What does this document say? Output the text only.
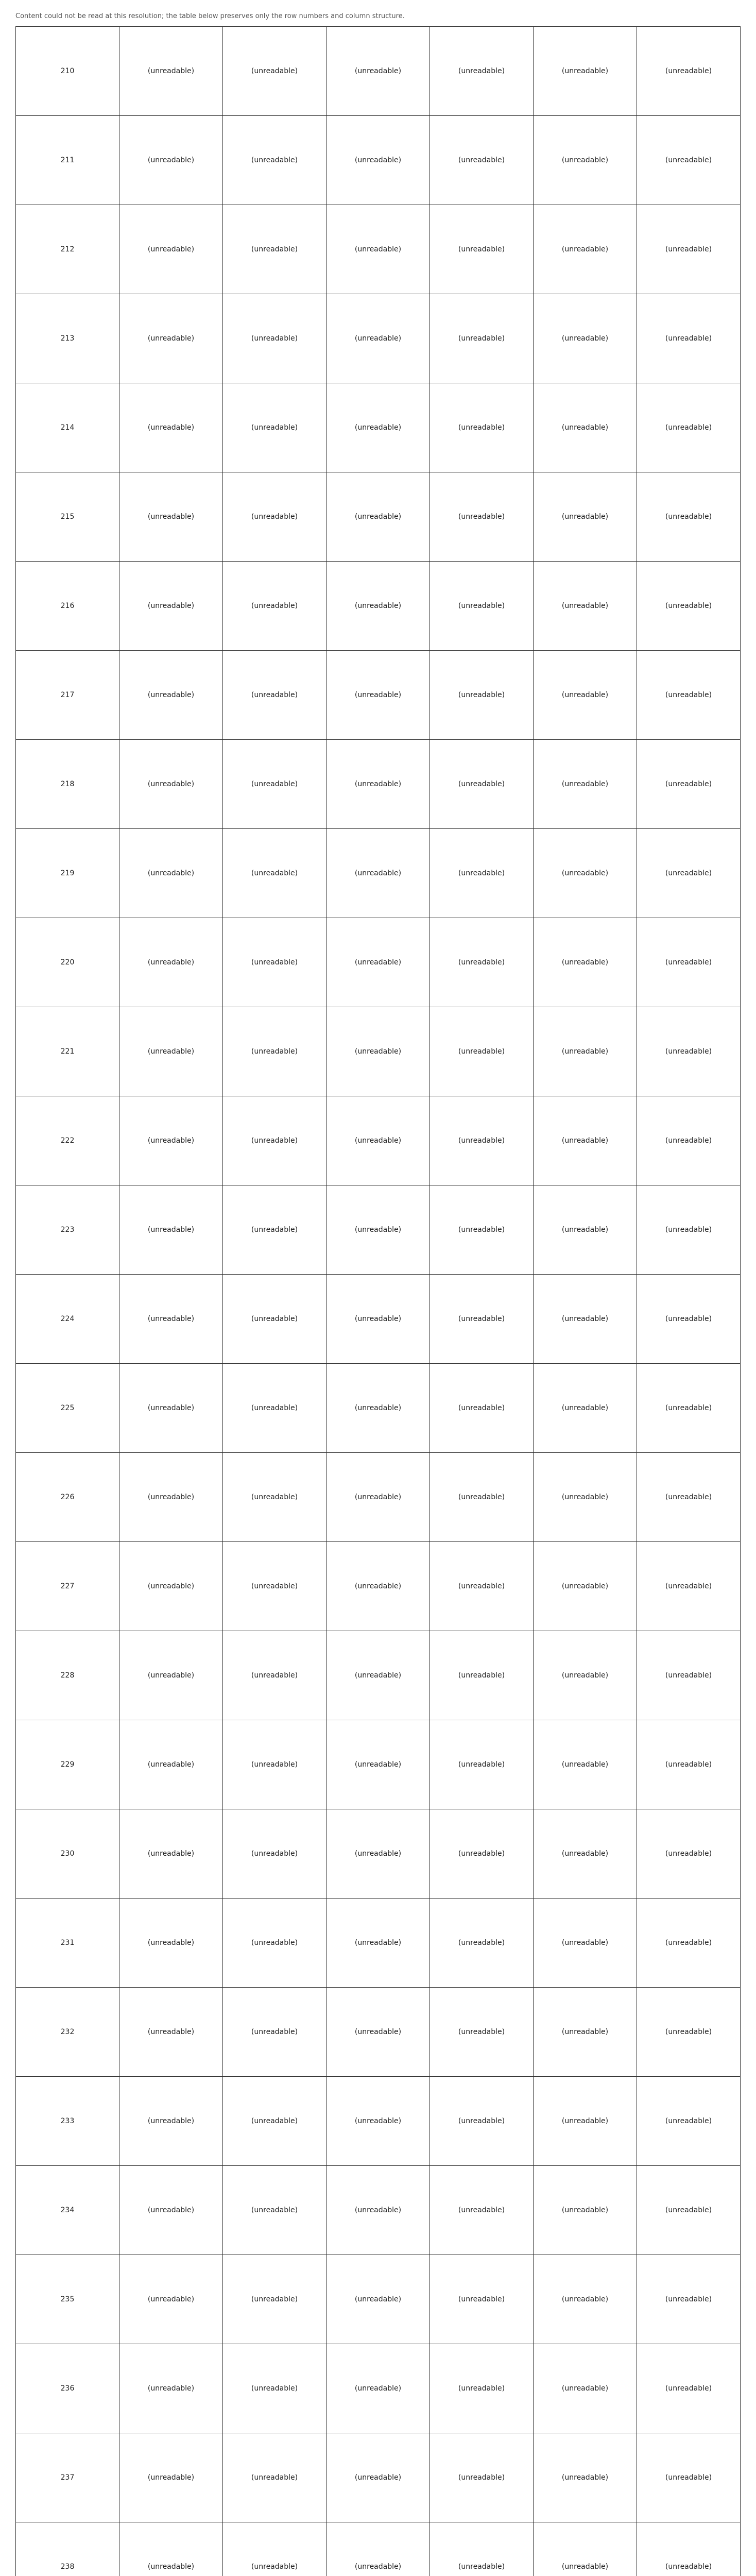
Content could not be read at this resolution; the table below preserves only the row numbers and column structure.

210	(unreadable)	(unreadable)	(unreadable)	(unreadable)	(unreadable)	(unreadable)
211	(unreadable)	(unreadable)	(unreadable)	(unreadable)	(unreadable)	(unreadable)
212	(unreadable)	(unreadable)	(unreadable)	(unreadable)	(unreadable)	(unreadable)
213	(unreadable)	(unreadable)	(unreadable)	(unreadable)	(unreadable)	(unreadable)
214	(unreadable)	(unreadable)	(unreadable)	(unreadable)	(unreadable)	(unreadable)
215	(unreadable)	(unreadable)	(unreadable)	(unreadable)	(unreadable)	(unreadable)
216	(unreadable)	(unreadable)	(unreadable)	(unreadable)	(unreadable)	(unreadable)
217	(unreadable)	(unreadable)	(unreadable)	(unreadable)	(unreadable)	(unreadable)
218	(unreadable)	(unreadable)	(unreadable)	(unreadable)	(unreadable)	(unreadable)
219	(unreadable)	(unreadable)	(unreadable)	(unreadable)	(unreadable)	(unreadable)
220	(unreadable)	(unreadable)	(unreadable)	(unreadable)	(unreadable)	(unreadable)
221	(unreadable)	(unreadable)	(unreadable)	(unreadable)	(unreadable)	(unreadable)
222	(unreadable)	(unreadable)	(unreadable)	(unreadable)	(unreadable)	(unreadable)
223	(unreadable)	(unreadable)	(unreadable)	(unreadable)	(unreadable)	(unreadable)
224	(unreadable)	(unreadable)	(unreadable)	(unreadable)	(unreadable)	(unreadable)
225	(unreadable)	(unreadable)	(unreadable)	(unreadable)	(unreadable)	(unreadable)
226	(unreadable)	(unreadable)	(unreadable)	(unreadable)	(unreadable)	(unreadable)
227	(unreadable)	(unreadable)	(unreadable)	(unreadable)	(unreadable)	(unreadable)
228	(unreadable)	(unreadable)	(unreadable)	(unreadable)	(unreadable)	(unreadable)
229	(unreadable)	(unreadable)	(unreadable)	(unreadable)	(unreadable)	(unreadable)
230	(unreadable)	(unreadable)	(unreadable)	(unreadable)	(unreadable)	(unreadable)
231	(unreadable)	(unreadable)	(unreadable)	(unreadable)	(unreadable)	(unreadable)
232	(unreadable)	(unreadable)	(unreadable)	(unreadable)	(unreadable)	(unreadable)
233	(unreadable)	(unreadable)	(unreadable)	(unreadable)	(unreadable)	(unreadable)
234	(unreadable)	(unreadable)	(unreadable)	(unreadable)	(unreadable)	(unreadable)
235	(unreadable)	(unreadable)	(unreadable)	(unreadable)	(unreadable)	(unreadable)
236	(unreadable)	(unreadable)	(unreadable)	(unreadable)	(unreadable)	(unreadable)
237	(unreadable)	(unreadable)	(unreadable)	(unreadable)	(unreadable)	(unreadable)
238	(unreadable)	(unreadable)	(unreadable)	(unreadable)	(unreadable)	(unreadable)
